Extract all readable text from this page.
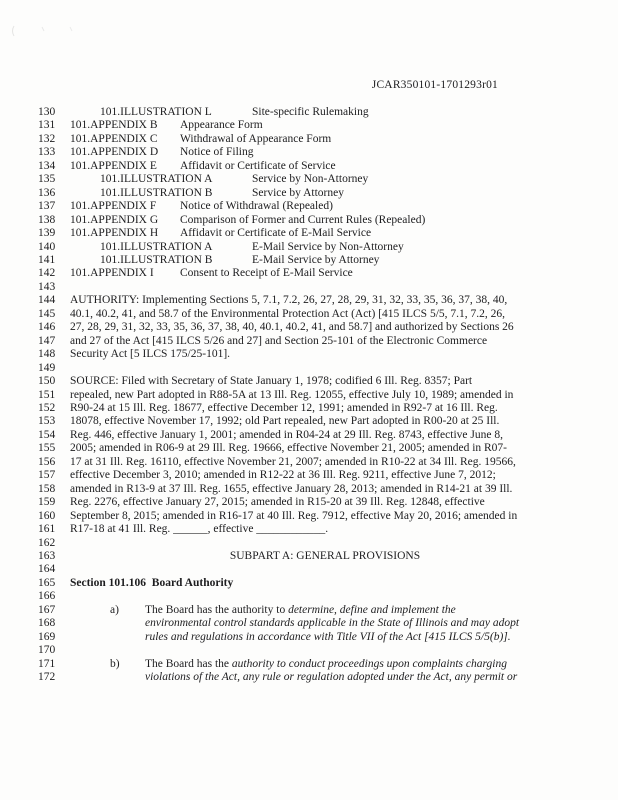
JCAR350101-1701293r01
130	101.ILLUSTRATION L	Site-specific Rulemaking
131	101.APPENDIX B Appearance Form
132	101.APPENDIX C Withdrawal of Appearance Form
133	101.APPENDIX D Notice of Filing
134	101.APPENDIX E Affidavit or Certificate of Service
135	101.ILLUSTRATION A	Service by Non-Attorney
136	101.ILLUSTRATION B	Service by Attorney
137	101.APPENDIX F Notice of Withdrawal (Repealed)
138	101.APPENDIX G Comparison of Former and Current Rules (Repealed)
139	101.APPENDIX H Affidavit or Certificate of E-Mail Service
140	101.ILLUSTRATION A	E-Mail Service by Non-Attorney
141	101.ILLUSTRATION B	E-Mail Service by Attorney
142	101.APPENDIX I Consent to Receipt of E-Mail Service
143
144	AUTHORITY: Implementing Sections 5, 7.1, 7.2, 26, 27, 28, 29, 31, 32, 33, 35, 36, 37, 38, 40,
145	40.1, 40.2, 41, and 58.7 of the Environmental Protection Act (Act) [415 ILCS 5/5, 7.1, 7.2, 26,
146	27, 28, 29, 31, 32, 33, 35, 36, 37, 38, 40, 40.1, 40.2, 41, and 58.7] and authorized by Sections 26
147	and 27 of the Act [415 ILCS 5/26 and 27] and Section 25-101 of the Electronic Commerce
148	Security Act [5 ILCS 175/25-101].
149
150	SOURCE: Filed with Secretary of State January 1, 1978; codified 6 Ill. Reg. 8357; Part
151	repealed, new Part adopted in R88-5A at 13 Ill. Reg. 12055, effective July 10, 1989; amended in
152	R90-24 at 15 Ill. Reg. 18677, effective December 12, 1991; amended in R92-7 at 16 Ill. Reg.
153	18078, effective November 17, 1992; old Part repealed, new Part adopted in R00-20 at 25 Ill.
154	Reg. 446, effective January 1, 2001; amended in R04-24 at 29 Ill. Reg. 8743, effective June 8,
155	2005; amended in R06-9 at 29 Ill. Reg. 19666, effective November 21, 2005; amended in R07-
156	17 at 31 Ill. Reg. 16110, effective November 21, 2007; amended in R10-22 at 34 Ill. Reg. 19566,
157	effective December 3, 2010; amended in R12-22 at 36 Ill. Reg. 9211, effective June 7, 2012;
158	amended in R13-9 at 37 Ill. Reg. 1655, effective January 28, 2013; amended in R14-21 at 39 Ill.
159	Reg. 2276, effective January 27, 2015; amended in R15-20 at 39 Ill. Reg. 12848, effective
160	September 8, 2015; amended in R16-17 at 40 Ill. Reg. 7912, effective May 20, 2016; amended in
161	R17-18 at 41 Ill. Reg. ______, effective ____________.
162
163	SUBPART A: GENERAL PROVISIONS
164
165	Section 101.106  Board Authority
166
167	a) The Board has the authority to determine, define and implement the
168	environmental control standards applicable in the State of Illinois and may adopt
169	rules and regulations in accordance with Title VII of the Act [415 ILCS 5/5(b)].
170
171	b) The Board has the authority to conduct proceedings upon complaints charging
172	violations of the Act, any rule or regulation adopted under the Act, any permit or
